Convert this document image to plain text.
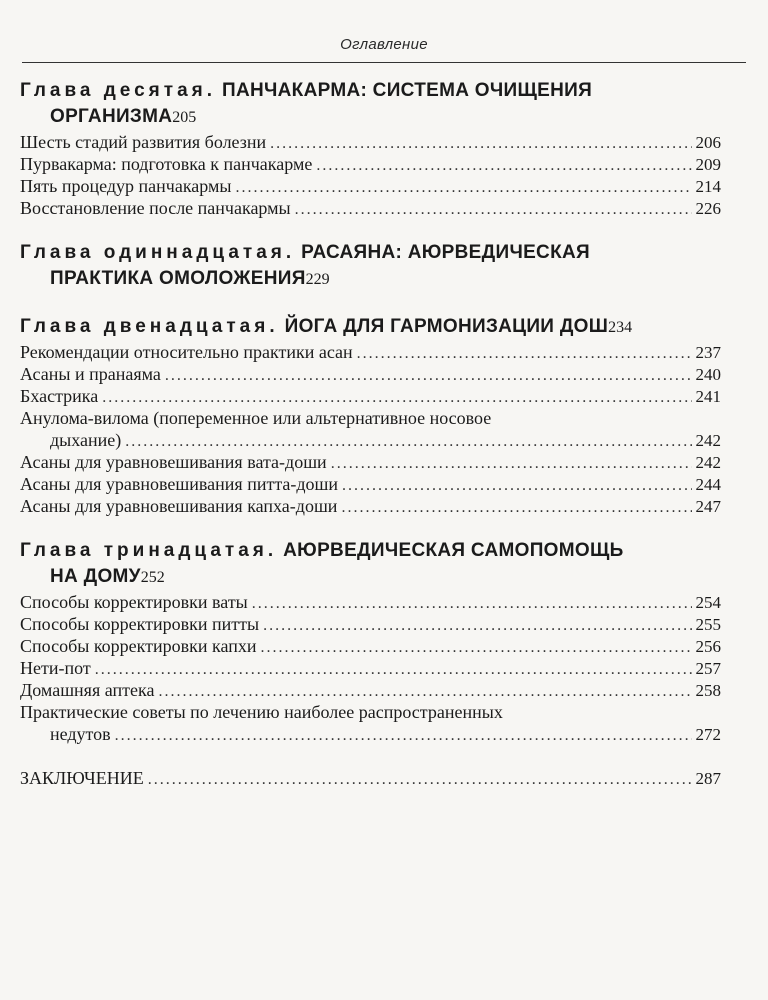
Оглавление
Глава десятая. ПАНЧАКАРМА: СИСТЕМА ОЧИЩЕНИЯ
ОРГАНИЗМА 205
Шесть стадий развития болезни .....	206
Пурвакарма: подготовка к панчакарме .....	209
Пять процедур панчакармы .....	214
Восстановление после панчакармы .....	226
Глава одиннадцатая. РАСАЯНА: АЮРВЕДИЧЕСКАЯ
ПРАКТИКА ОМОЛОЖЕНИЯ 229
Глава двенадцатая. ЙОГА ДЛЯ ГАРМОНИЗАЦИИ ДОШ 234
Рекомендации относительно практики асан .....	237
Асаны и пранаяма .....	240
Бхастрика .....	241
Анулома-вилома (попеременное или альтернативное носовое
дыхание) .....	242
Асаны для уравновешивания вата-доши .....	242
Асаны для уравновешивания питта-доши .....	244
Асаны для уравновешивания капха-доши .....	247
Глава тринадцатая. АЮРВЕДИЧЕСКАЯ САМОПОМОЩЬ
НА ДОМУ 252
Способы корректировки ваты .....	254
Способы корректировки питты .....	255
Способы корректировки капхи .....	256
Нети-пот .....	257
Домашняя аптека .....	258
Практические советы по лечению наиболее распространенных
недутов .....	272
ЗАКЛЮЧЕНИЕ .....	287
